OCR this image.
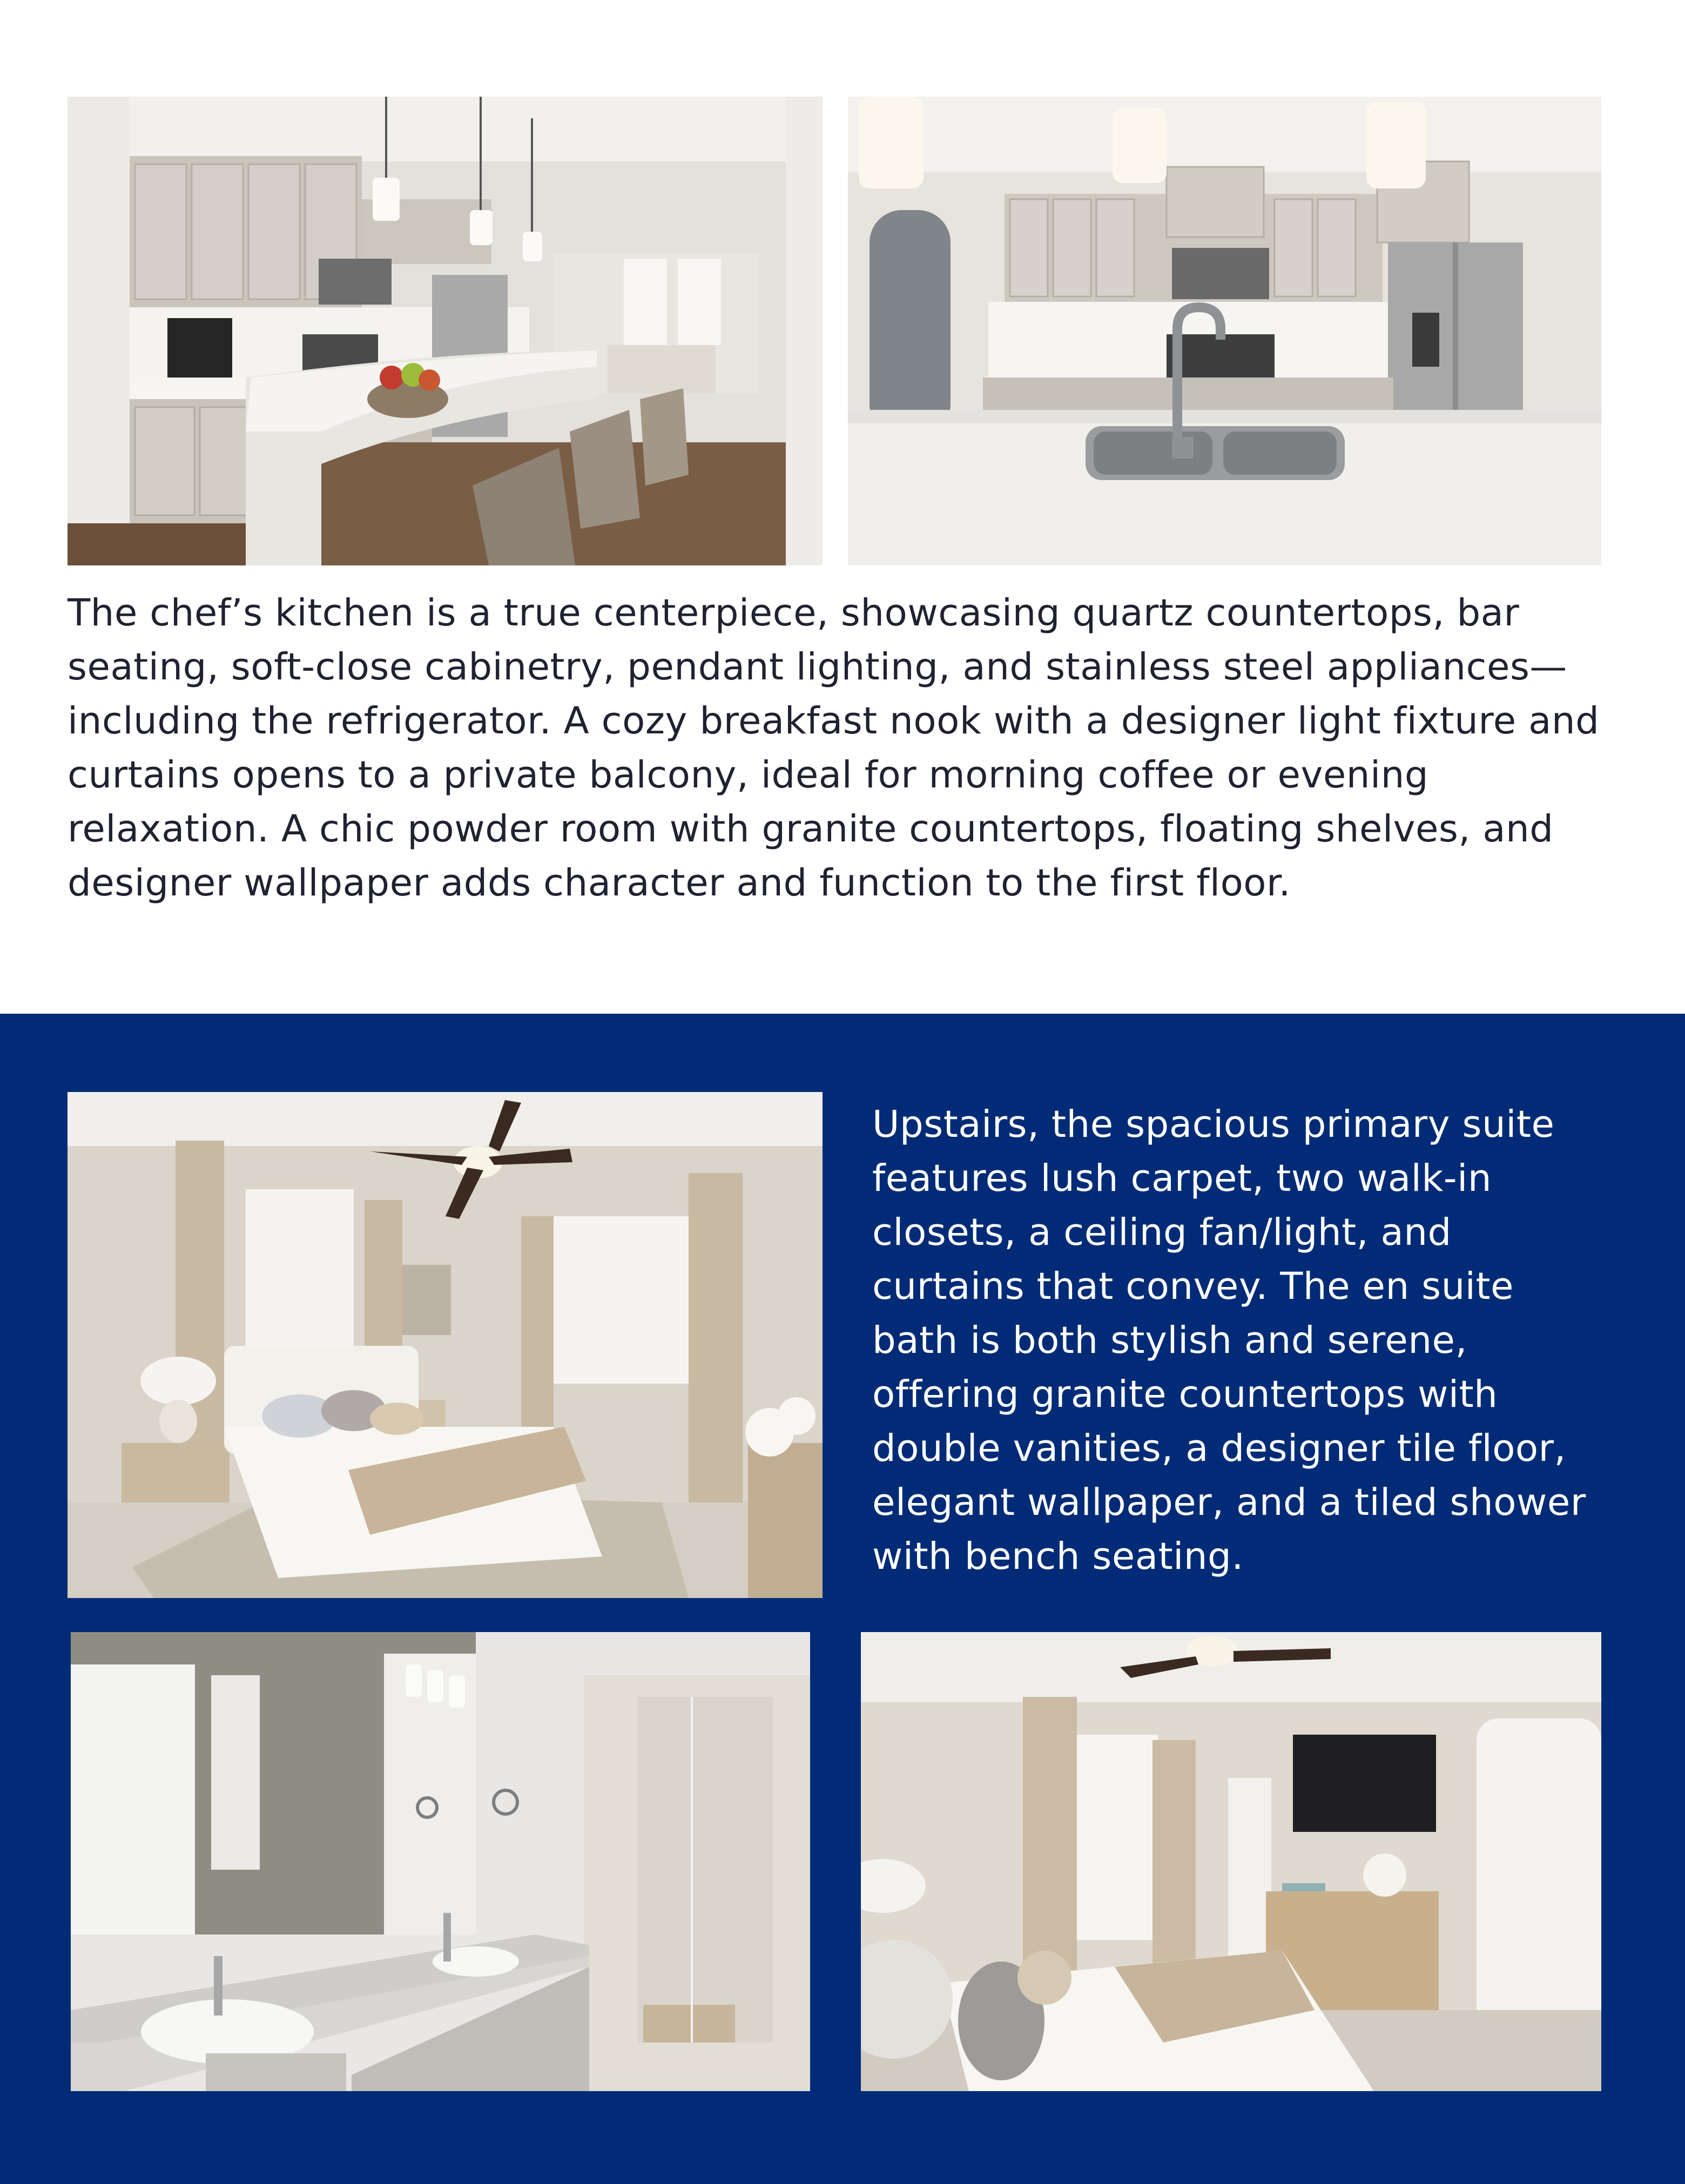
The chef’s kitchen is a true centerpiece, showcasing quartz countertops, bar seating, soft-close cabinetry, pendant lighting, and stainless steel appliances—including the refrigerator. A cozy breakfast nook with a designer light fixture and curtains opens to a private balcony, ideal for morning coffee or evening relaxation. A chic powder room with granite countertops, floating shelves, and designer wallpaper adds character and function to the first floor.

Upstairs, the spacious primary suite features lush carpet, two walk-in closets, a ceiling fan/light, and curtains that convey. The en suite bath is both stylish and serene, offering granite countertops with double vanities, a designer tile floor, elegant wallpaper, and a tiled shower with bench seating.
